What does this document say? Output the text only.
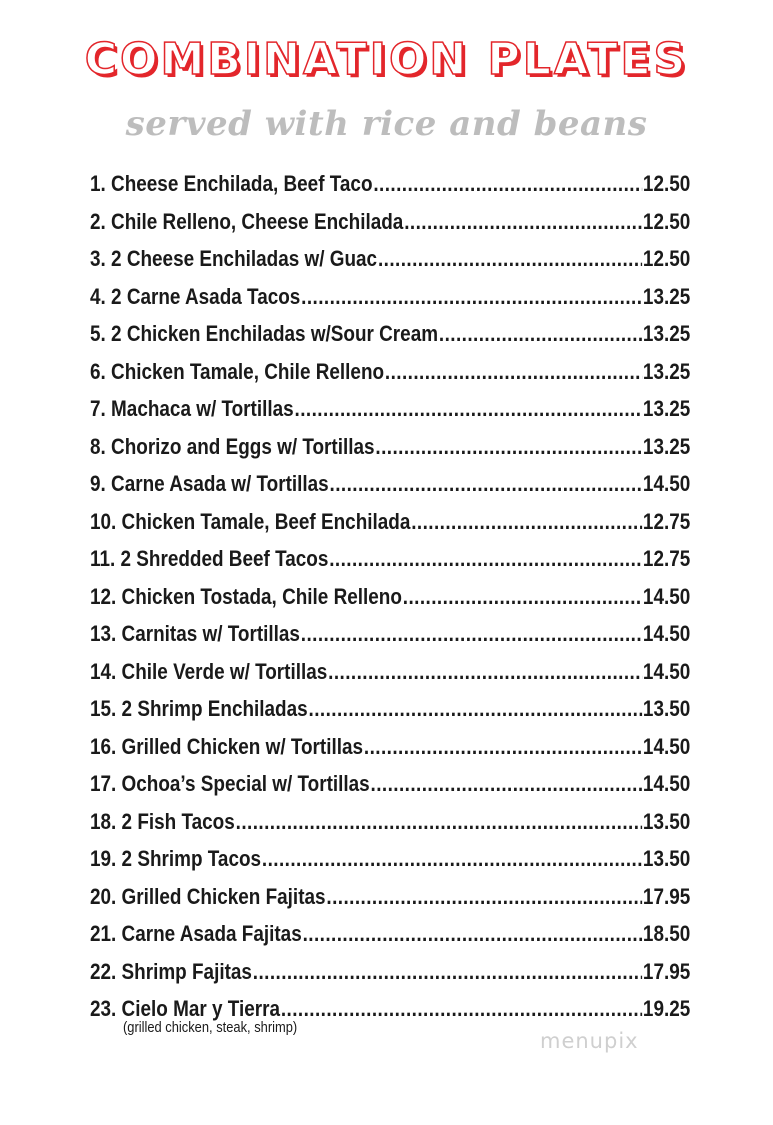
COMBINATION PLATES
served with rice and beans
1. Cheese Enchilada, Beef Taco .....	12.50
2. Chile Relleno, Cheese Enchilada .....	12.50
3. 2 Cheese Enchiladas w/ Guac .....	12.50
4. 2 Carne Asada Tacos .....	13.25
5. 2 Chicken Enchiladas w/Sour Cream .....	13.25
6. Chicken Tamale, Chile Relleno .....	13.25
7. Machaca w/ Tortillas .....	13.25
8. Chorizo and Eggs w/ Tortillas .....	13.25
9. Carne Asada w/ Tortillas .....	14.50
10. Chicken Tamale, Beef Enchilada .....	12.75
11. 2 Shredded Beef Tacos .....	12.75
12. Chicken Tostada, Chile Relleno .....	14.50
13. Carnitas w/ Tortillas .....	14.50
14. Chile Verde w/ Tortillas .....	14.50
15. 2 Shrimp Enchiladas .....	13.50
16. Grilled Chicken w/ Tortillas .....	14.50
17. Ochoa’s Special w/ Tortillas .....	14.50
18. 2 Fish Tacos .....	13.50
19. 2 Shrimp Tacos .....	13.50
20. Grilled Chicken Fajitas .....	17.95
21. Carne Asada Fajitas .....	18.50
22. Shrimp Fajitas .....	17.95
23. Cielo Mar y Tierra .....	19.25
(grilled chicken, steak, shrimp)
menupix
